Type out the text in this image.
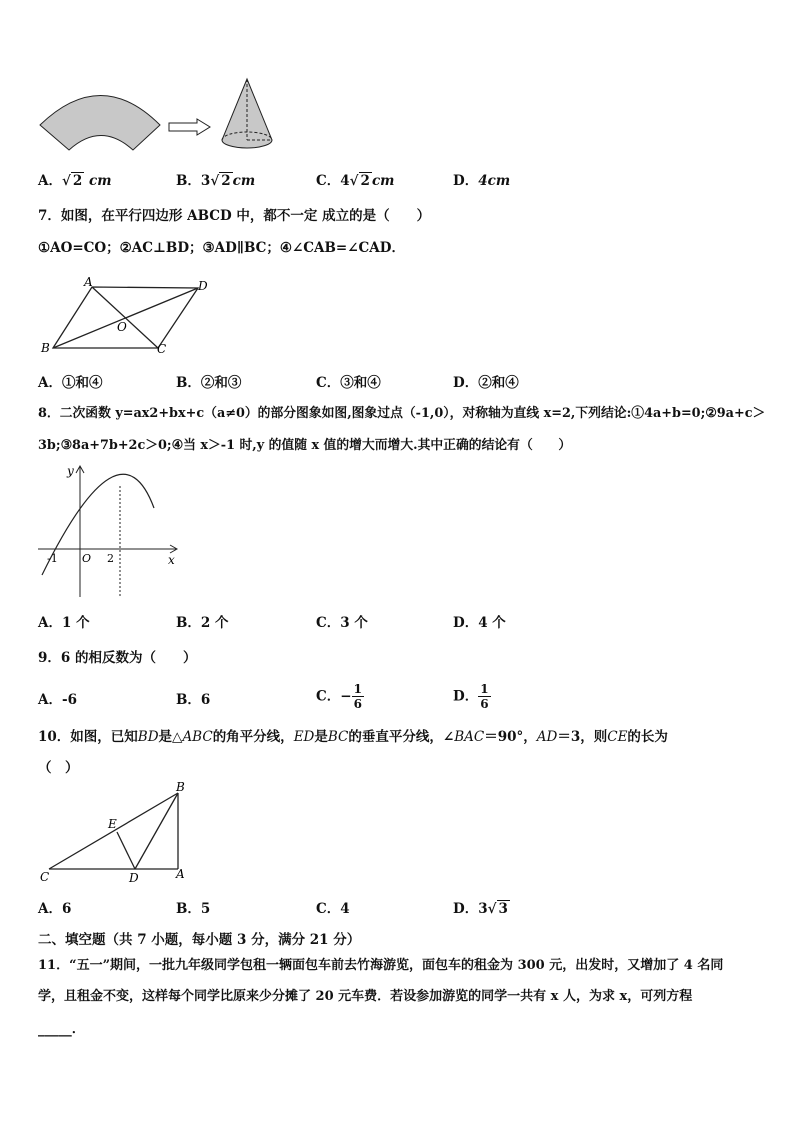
A．√ 2 cm	B．3√ 2 cm	C．4√ 2 cm	D．4cm
7．如图，在平行四边形 ABCD 中，都不一定 成立的是（　　）
①AO=CO；②AC⊥BD；③AD∥BC；④∠CAB=∠CAD．
A	D
B	C
O
A．①和④	B．②和③	C．③和④	D．②和④
8．二次函数 y=ax2+bx+c（a≠0）的部分图象如图,图象过点（-1,0），对称轴为直线 x=2,下列结论:①4a+b=0;②9a+c＞
3b;③8a+7b+2c＞0;④当 x＞-1 时,y 的值随 x 值的增大而增大.其中正确的结论有（　　）
y
x
-1 O 2
A．1 个	B．2 个	C．3 个	D．4 个
9．6 的相反数为（　　）
A．-6	B．6	C．− $\frac{1}{6}$	D． $\frac{1}{6}$
10．如图，已知BD是△ABC的角平分线，ED是BC的垂直平分线，∠BAC＝90°，AD＝3，则CE的长为
（　）
B
E
C	D	A
A．6	B．5	C．4	D．3√ 3
二、填空题（共 7 小题，每小题 3 分，满分 21 分）
11．“五一”期间，一批九年级同学包租一辆面包车前去竹海游览，面包车的租金为 300 元，出发时，又增加了 4 名同
学，且租金不变，这样每个同学比原来少分摊了 20 元车费．若设参加游览的同学一共有 x 人，为求 x，可列方程
_____．
